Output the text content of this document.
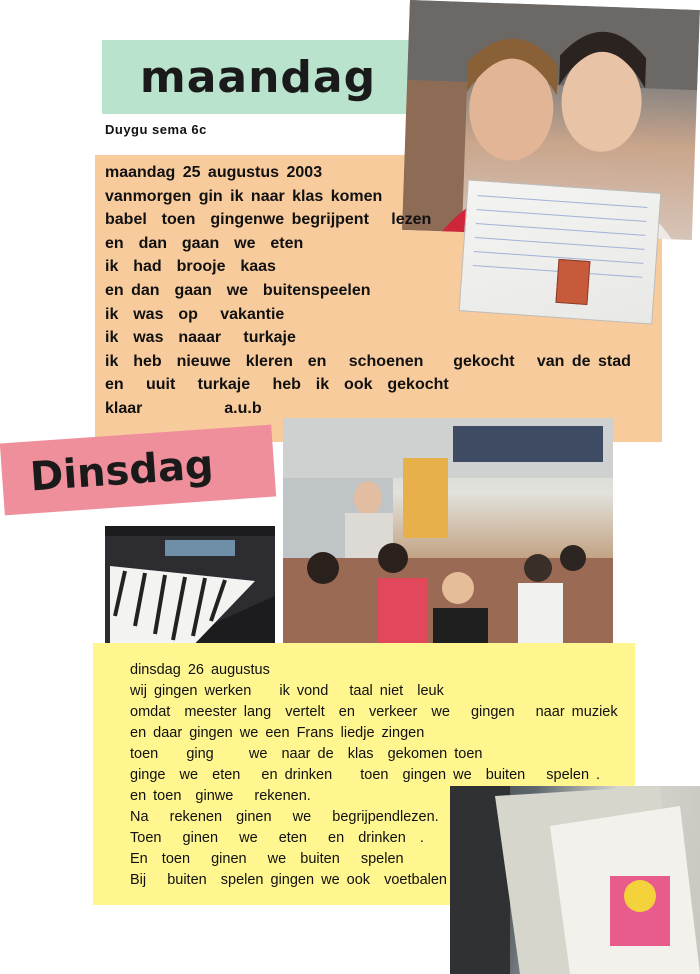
maandag
Duygu sema 6c
maandag 25 augustus 2003
vanmorgen gin ik naar klas komen
babel  toen  gingenwe begrijpent   lezen
en  dan  gaan  we  eten
ik  had  brooje  kaas
en dan  gaan  we  buitenspeelen
ik  was  op   vakantie
ik  was  naaar   turkaje
ik  heb  nieuwe  kleren  en   schoenen    gekocht   van de stad
en   uuit   turkaje   heb  ik  ook  gekocht
klaar           a.u.b
Dinsdag
dinsdag 26 augustus
wij gingen werken    ik vond   taal niet  leuk
omdat  meester lang  vertelt  en  verkeer  we   gingen   naar muziek
en daar gingen we een Frans liedje zingen
toen    ging     we  naar de  klas  gekomen toen
ginge  we  eten   en drinken    toen  gingen we  buiten   spelen .
en toen  ginwe   rekenen.
Na   rekenen  ginen   we   begrijpendlezen.
Toen   ginen   we   eten   en  drinken  .
En  toen   ginen   we  buiten   spelen
Bij   buiten  spelen gingen we ook  voetbalen
